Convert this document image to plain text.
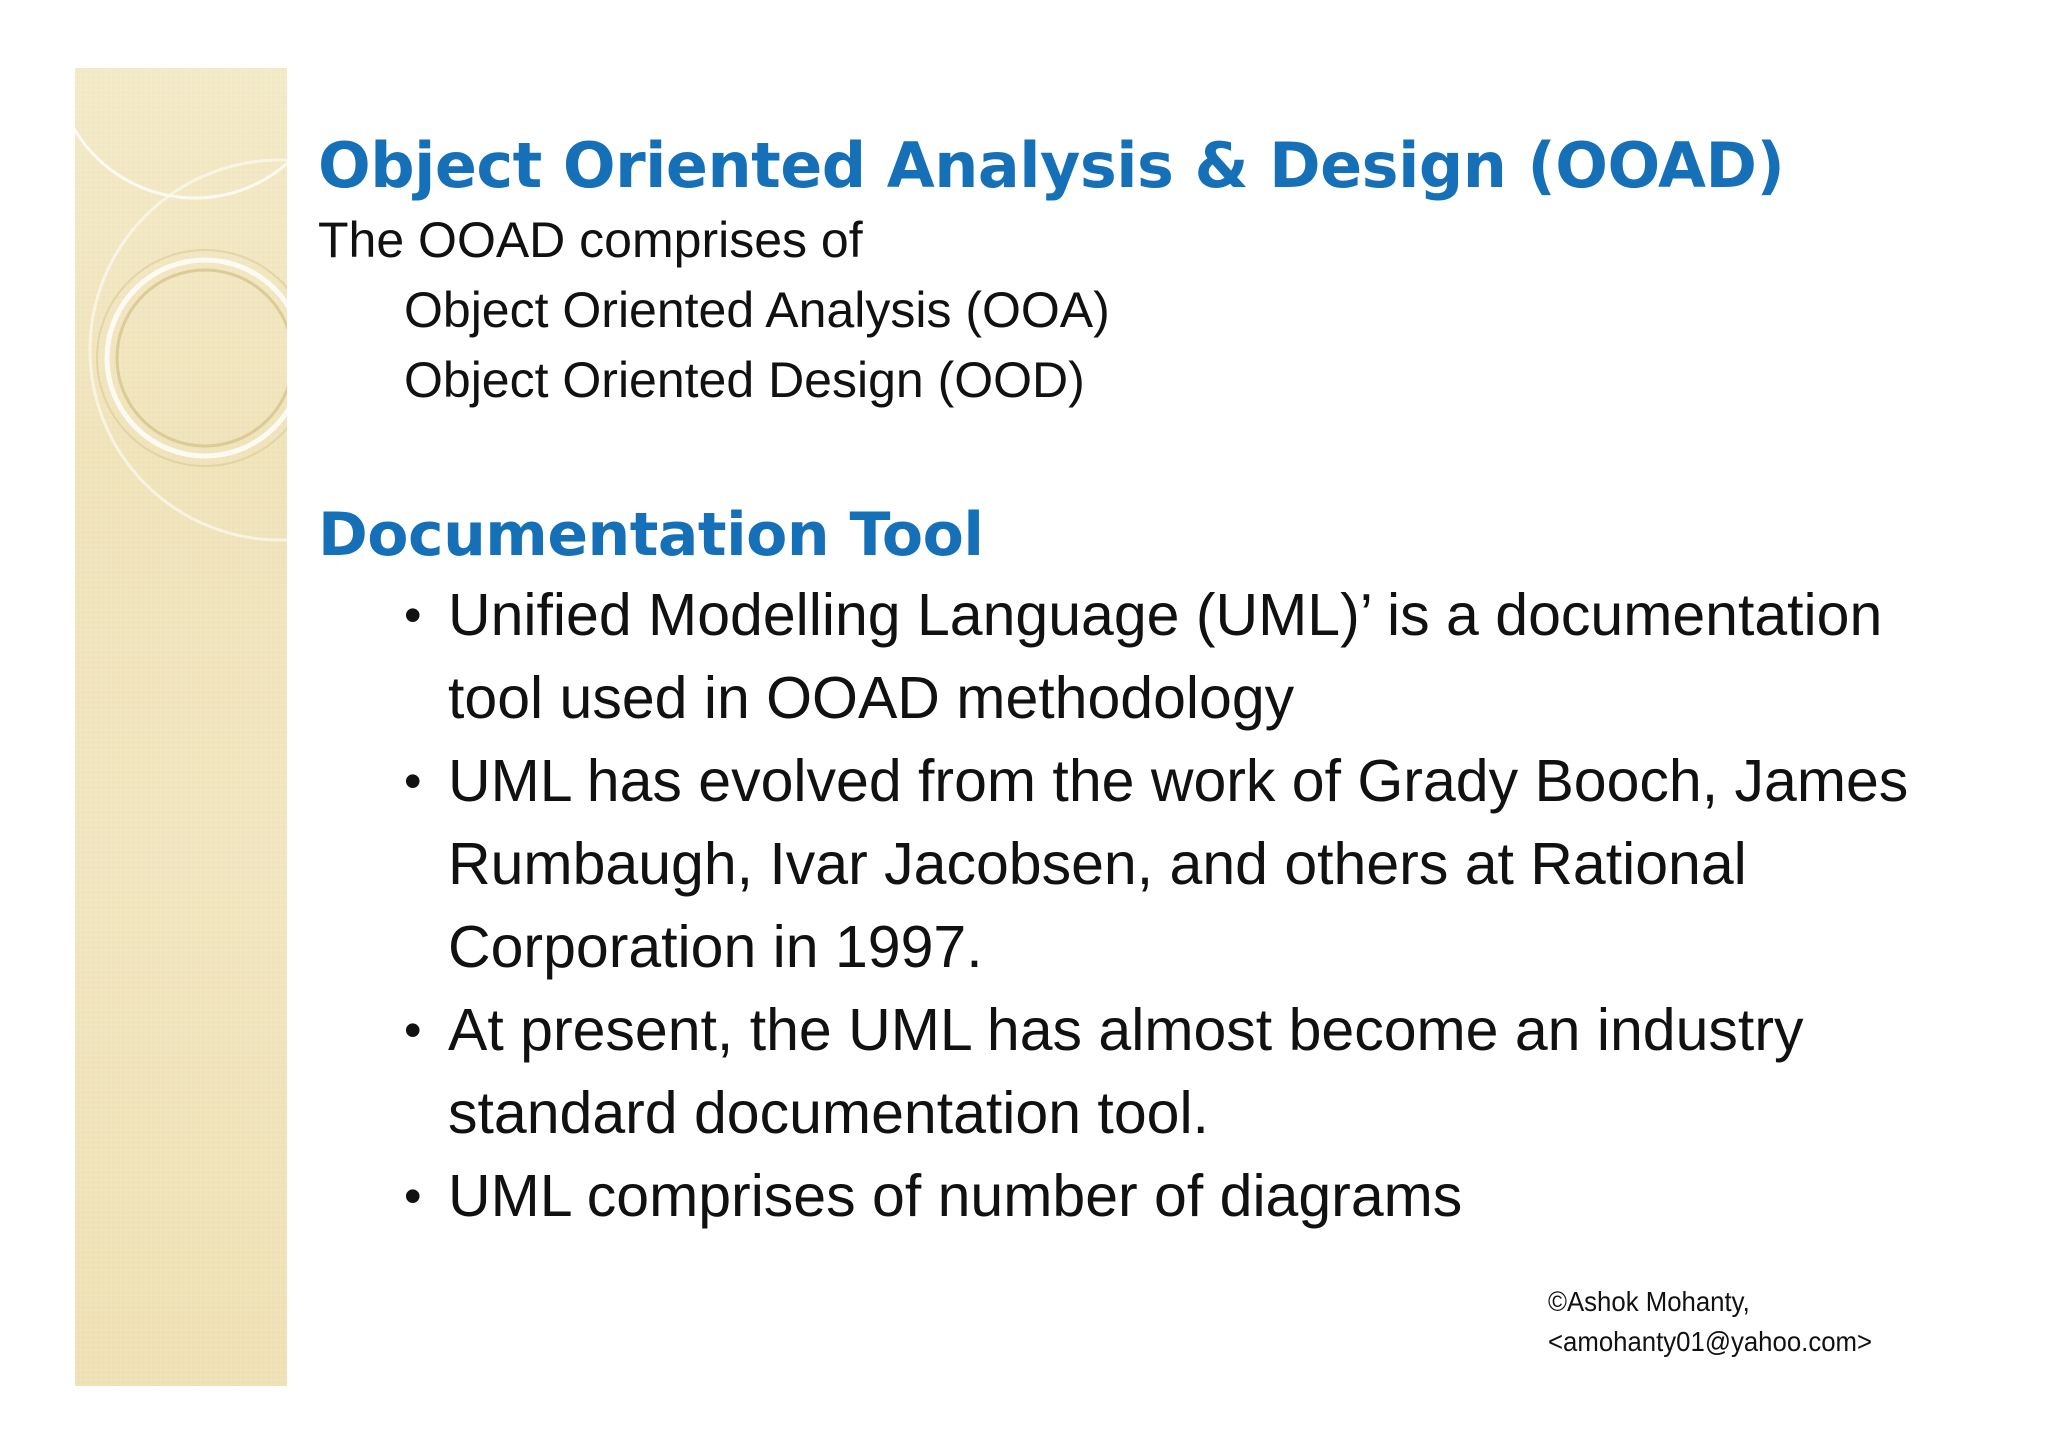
Object Oriented Analysis & Design (OOAD)

The OOAD comprises of

Object Oriented Analysis (OOA)
Object Oriented Design (OOD)
Documentation Tool
• Unified Modelling Language (UML)’ is a documentation tool used in OOAD methodology
• UML has evolved from the work of Grady Booch, James Rumbaugh, Ivar Jacobsen, and others at Rational Corporation in 1997.
• At present, the UML has almost become an industry standard documentation tool.
• UML comprises of number of diagrams
©Ashok Mohanty,
<amohanty01@yahoo.com>
